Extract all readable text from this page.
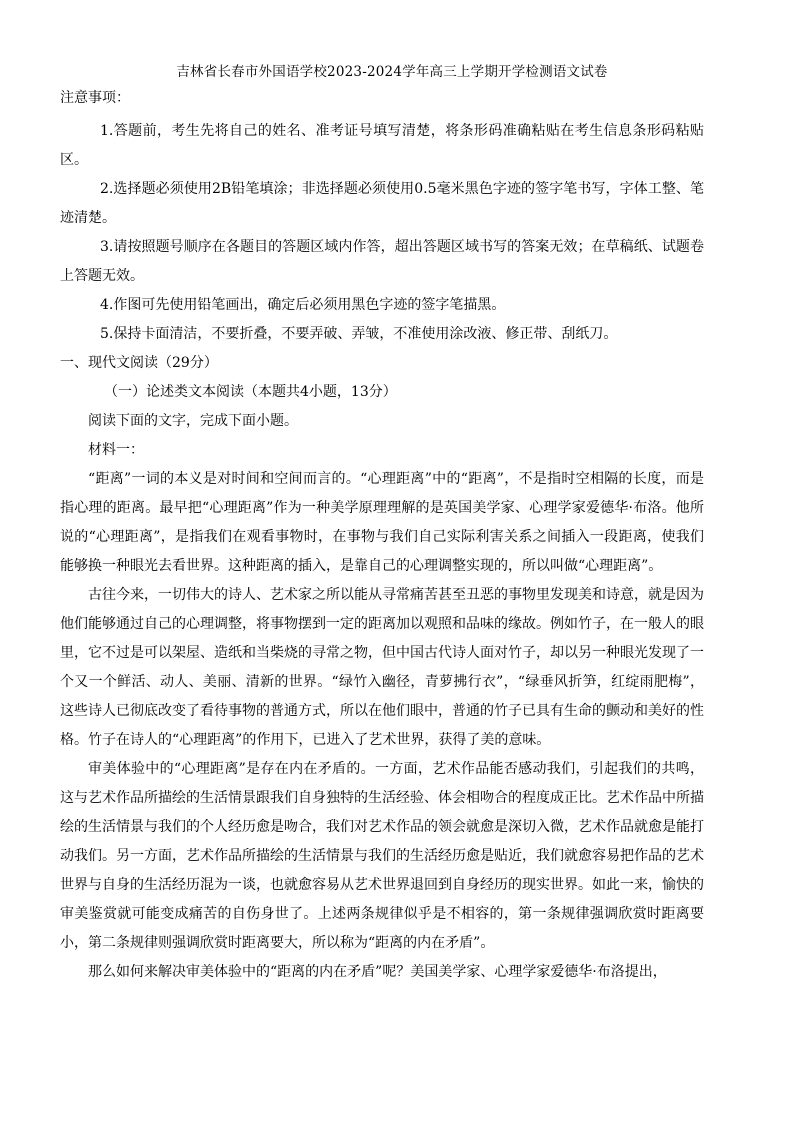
吉林省长春市外国语学校2023-2024学年高三上学期开学检测语文试卷
注意事项：
1.答题前，考生先将自己的姓名、准考证号填写清楚，将条形码准确粘贴在考生信息条形码粘贴区。
2.选择题必须使用2B铅笔填涂；非选择题必须使用0.5毫米黑色字迹的签字笔书写，字体工整、笔迹清楚。
3.请按照题号顺序在各题目的答题区域内作答，超出答题区域书写的答案无效；在草稿纸、试题卷上答题无效。
4.作图可先使用铅笔画出，确定后必须用黑色字迹的签字笔描黑。
5.保持卡面清洁，不要折叠，不要弄破、弄皱，不准使用涂改液、修正带、刮纸刀。
一、现代文阅读（29分）
（一）论述类文本阅读（本题共4小题，13分）
阅读下面的文字，完成下面小题。
材料一：
“距离”一词的本义是对时间和空间而言的。“心理距离”中的“距离”，不是指时空相隔的长度，而是指心理的距离。最早把“心理距离”作为一种美学原理理解的是英国美学家、心理学家爱德华·布洛。他所说的“心理距离”，是指我们在观看事物时，在事物与我们自己实际利害关系之间插入一段距离，使我们能够换一种眼光去看世界。这种距离的插入，是靠自己的心理调整实现的，所以叫做“心理距离”。
古往今来，一切伟大的诗人、艺术家之所以能从寻常痛苦甚至丑恶的事物里发现美和诗意，就是因为他们能够通过自己的心理调整，将事物摆到一定的距离加以观照和品味的缘故。例如竹子，在一般人的眼里，它不过是可以架屋、造纸和当柴烧的寻常之物，但中国古代诗人面对竹子，却以另一种眼光发现了一个又一个鲜活、动人、美丽、清新的世界。“绿竹入幽径，青萝拂行衣”，“绿垂风折笋，红绽雨肥梅”，这些诗人已彻底改变了看待事物的普通方式，所以在他们眼中，普通的竹子已具有生命的颤动和美好的性格。竹子在诗人的“心理距离”的作用下，已进入了艺术世界，获得了美的意味。
审美体验中的“心理距离”是存在内在矛盾的。一方面，艺术作品能否感动我们，引起我们的共鸣，这与艺术作品所描绘的生活情景跟我们自身独特的生活经验、体会相吻合的程度成正比。艺术作品中所描绘的生活情景与我们的个人经历愈是吻合，我们对艺术作品的领会就愈是深切入微，艺术作品就愈是能打动我们。另一方面，艺术作品所描绘的生活情景与我们的生活经历愈是贴近，我们就愈容易把作品的艺术世界与自身的生活经历混为一谈，也就愈容易从艺术世界退回到自身经历的现实世界。如此一来，愉快的审美鉴赏就可能变成痛苦的自伤身世了。上述两条规律似乎是不相容的，第一条规律强调欣赏时距离要小，第二条规律则强调欣赏时距离要大，所以称为“距离的内在矛盾”。
那么如何来解决审美体验中的“距离的内在矛盾”呢？美国美学家、心理学家爱德华·布洛提出，
